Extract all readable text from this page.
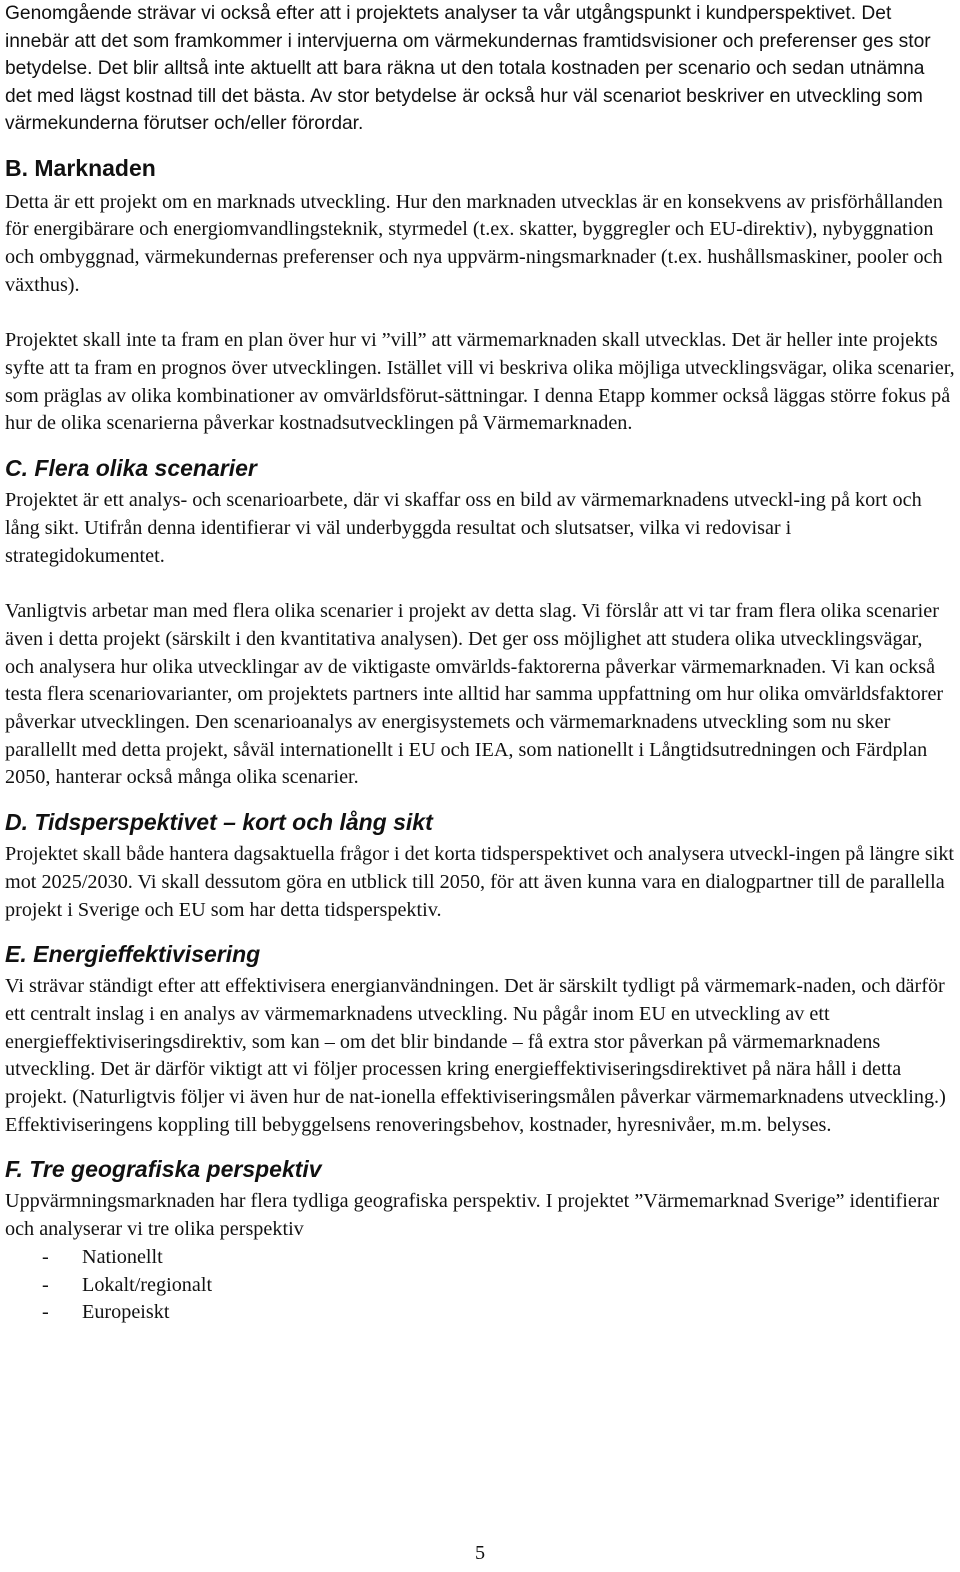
Genomgående strävar vi också efter att i projektets analyser ta vår utgångspunkt i kundperspektivet. Det innebär att det som framkommer i intervjuerna om värmekundernas framtidsvisioner och preferenser ges stor betydelse. Det blir alltså inte aktuellt att bara räkna ut den totala kostnaden per scenario och sedan utnämna det med lägst kostnad till det bästa. Av stor betydelse är också hur väl scenariot beskriver en utveckling som värmekunderna förutser och/eller förordar.

B. Marknaden

Detta är ett projekt om en marknads utveckling. Hur den marknaden utvecklas är en konsekvens av prisförhållanden för energibärare och energiomvandlingsteknik, styrmedel (t.ex. skatter, byggregler och EU-direktiv), nybyggnation och ombyggnad, värmekundernas preferenser och nya uppvärm-ningsmarknader (t.ex. hushållsmaskiner, pooler och växthus).

Projektet skall inte ta fram en plan över hur vi ”vill” att värmemarknaden skall utvecklas. Det är heller inte projekts syfte att ta fram en prognos över utvecklingen. Istället vill vi beskriva olika möjliga utvecklingsvägar, olika scenarier, som präglas av olika kombinationer av omvärldsförut-sättningar. I denna Etapp kommer också läggas större fokus på hur de olika scenarierna påverkar kostnadsutvecklingen på Värmemarknaden.

C. Flera olika scenarier

Projektet är ett analys- och scenarioarbete, där vi skaffar oss en bild av värmemarknadens utveckl-ing på kort och lång sikt. Utifrån denna identifierar vi väl underbyggda resultat och slutsatser, vilka vi redovisar i strategidokumentet.

Vanligtvis arbetar man med flera olika scenarier i projekt av detta slag. Vi förslår att vi tar fram flera olika scenarier även i detta projekt (särskilt i den kvantitativa analysen). Det ger oss möjlighet att studera olika utvecklingsvägar, och analysera hur olika utvecklingar av de viktigaste omvärlds-faktorerna påverkar värmemarknaden. Vi kan också testa flera scenariovarianter, om projektets partners inte alltid har samma uppfattning om hur olika omvärldsfaktorer påverkar utvecklingen. Den scenarioanalys av energisystemets och värmemarknadens utveckling som nu sker parallellt med detta projekt, såväl internationellt i EU och IEA, som nationellt i Långtidsutredningen och Färdplan 2050, hanterar också många olika scenarier.

D. Tidsperspektivet – kort och lång sikt

Projektet skall både hantera dagsaktuella frågor i det korta tidsperspektivet och analysera utveckl-ingen på längre sikt mot 2025/2030. Vi skall dessutom göra en utblick till 2050, för att även kunna vara en dialogpartner till de parallella projekt i Sverige och EU som har detta tidsperspektiv.

E. Energieffektivisering

Vi strävar ständigt efter att effektivisera energianvändningen. Det är särskilt tydligt på värmemark-naden, och därför ett centralt inslag i en analys av värmemarknadens utveckling. Nu pågår inom EU en utveckling av ett energieffektiviseringsdirektiv, som kan – om det blir bindande – få extra stor påverkan på värmemarknadens utveckling. Det är därför viktigt att vi följer processen kring energieffektiviseringsdirektivet på nära håll i detta projekt. (Naturligtvis följer vi även hur de nat-ionella effektiviseringsmålen påverkar värmemarknadens utveckling.) Effektiviseringens koppling till bebyggelsens renoveringsbehov, kostnader, hyresnivåer, m.m. belyses.

F. Tre geografiska perspektiv

Uppvärmningsmarknaden har flera tydliga geografiska perspektiv. I projektet ”Värmemarknad Sverige” identifierar och analyserar vi tre olika perspektiv

- Nationellt
- Lokalt/regionalt
- Europeiskt
5
